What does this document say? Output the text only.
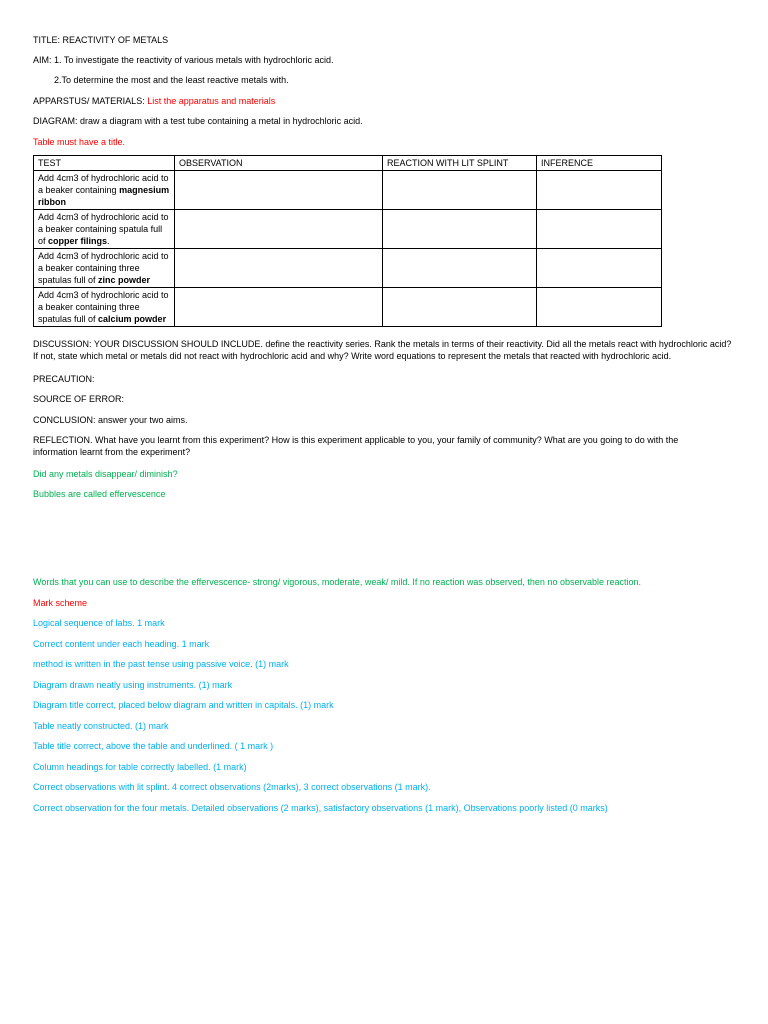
TITLE: REACTIVITY OF METALS
AIM: 1. To investigate the reactivity of various metals with hydrochloric acid.
2.To determine the most and the least reactive metals with.
APPARSTUS/ MATERIALS: List the apparatus and materials
DIAGRAM: draw a diagram with a test tube containing a metal in hydrochloric acid.
Table must have a title.
TEST	OBSERVATION	REACTION WITH LIT SPLINT	INFERENCE
Add 4cm3 of hydrochloric acid to a beaker containing magnesium ribbon			
Add 4cm3 of hydrochloric acid to a beaker containing spatula full of copper filings.			
Add 4cm3 of hydrochloric acid to a beaker containing three spatulas full of zinc powder			
Add 4cm3 of hydrochloric acid to a beaker containing three spatulas full of calcium powder			
DISCUSSION: YOUR DISCUSSION SHOULD INCLUDE. define the reactivity series. Rank the metals in terms of their reactivity. Did all the metals react with hydrochloric acid? If not, state which metal or metals did not react with hydrochloric acid and why? Write word equations to represent the metals that reacted with hydrochloric acid.
PRECAUTION:
SOURCE OF ERROR:
CONCLUSION: answer your two aims.
REFLECTION. What have you learnt from this experiment? How is this experiment applicable to you, your family of community? What are you going to do with the information learnt from the experiment?
Did any metals disappear/ diminish?
Bubbles are called effervescence
Words that you can use to describe the effervescence- strong/ vigorous, moderate, weak/ mild. If no reaction was observed, then no observable reaction.
Mark scheme
Logical sequence of labs. 1 mark
Correct content under each heading. 1 mark
method is written in the past tense using passive voice. (1) mark
Diagram drawn neatly using instruments. (1) mark
Diagram title correct, placed below diagram and written in capitals. (1) mark
Table neatly constructed. (1) mark
Table title correct, above the table and underlined. ( 1 mark )
Column headings for table correctly labelled. (1 mark)
Correct observations with lit splint. 4 correct observations (2marks), 3 correct observations (1 mark).
Correct observation for the four metals. Detailed observations (2 marks), satisfactory observations (1 mark), Observations poorly listed (0 marks)
